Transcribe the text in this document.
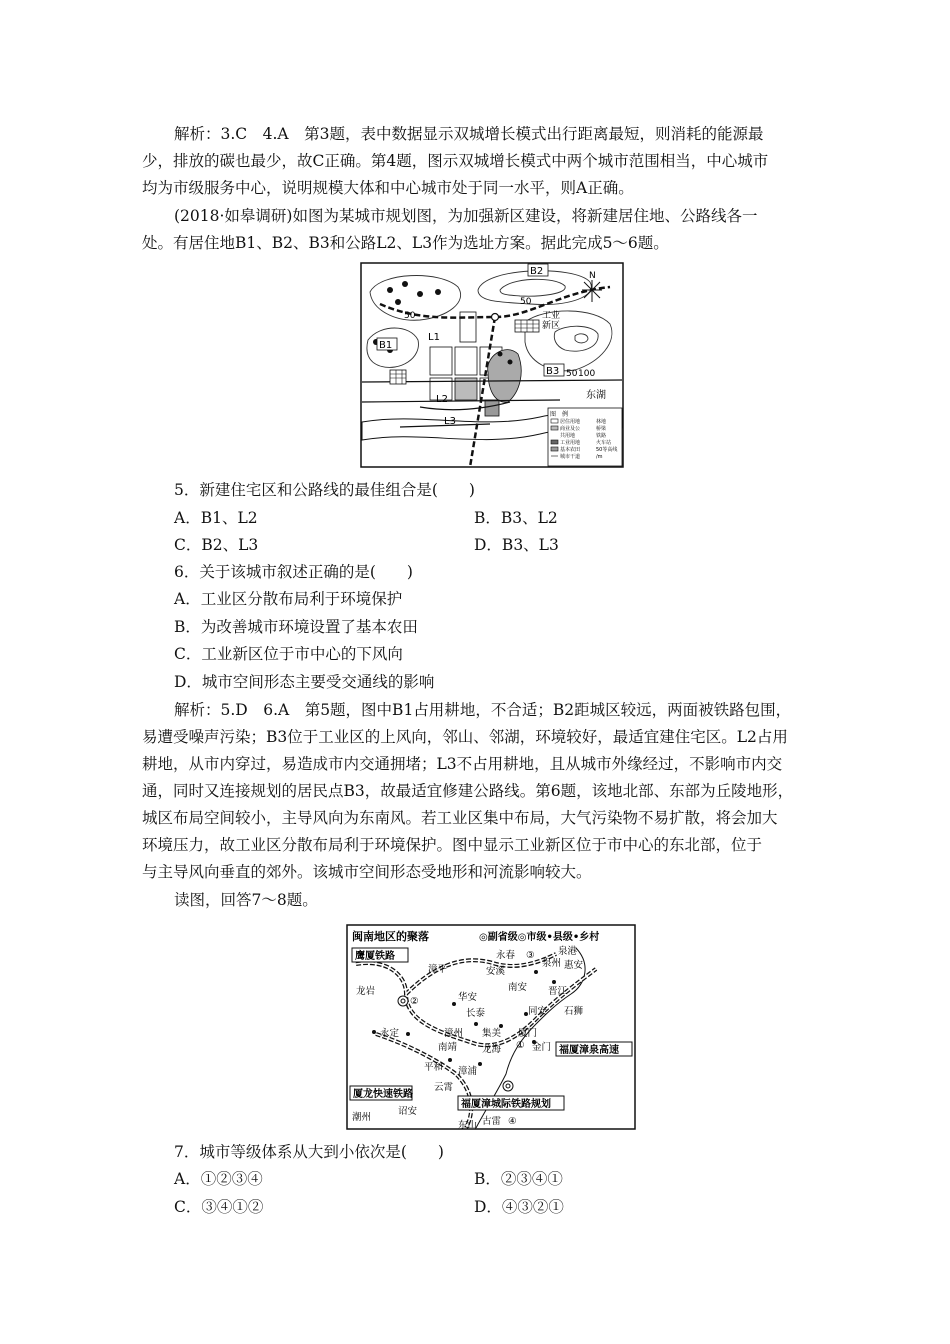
解析：3.C　4.A　第3题，表中数据显示双城增长模式出行距离最短，则消耗的能源最
少，排放的碳也最少，故C正确。第4题，图示双城增长模式中两个城市范围相当，中心城市
均为市级服务中心，说明规模大体和中心城市处于同一水平，则A正确。
(2018·如皋调研)如图为某城市规划图，为加强新区建设，将新建居住地、公路线各一
处。有居住地B1、B2、B3和公路L2、L3作为选址方案。据此完成5～6题。
N
B2
B1
B3
L1
L2
L3
50
50
50 100
工业
新区
东湖
图　例
居住用地
商业及公
共用地
工业用地
基本农田
城市干道
林地
桥梁
铁路
火车站
50等高线
/m
5．新建住宅区和公路线的最佳组合是(　　)
A．B1、L2	B．B3、L2
C．B2、L3	D．B3、L3
6．关于该城市叙述正确的是(　　)
A．工业区分散布局利于环境保护
B．为改善城市环境设置了基本农田
C．工业新区位于市中心的下风向
D．城市空间形态主要受交通线的影响
解析：5.D　6.A　第5题，图中B1占用耕地，不合适；B2距城区较远，两面被铁路包围，
易遭受噪声污染；B3位于工业区的上风向，邻山、邻湖，环境较好，最适宜建住宅区。L2占用
耕地，从市内穿过，易造成市内交通拥堵；L3不占用耕地，且从城市外缘经过，不影响市内交
通，同时又连接规划的居民点B3，故最适宜修建公路线。第6题，该地北部、东部为丘陵地形，
城区布局空间较小，主导风向为东南风。若工业区集中布局，大气污染物不易扩散，将会加大
环境压力，故工业区分散布局利于环境保护。图中显示工业新区位于市中心的东北部，位于
与主导风向垂直的郊外。该城市空间形态受地形和河流影响较大。
读图，回答7～8题。
闽南地区的聚落	◎副省级◎市级•县级•乡村
鹰厦铁路
厦龙快速铁路
福厦漳泉高速
福厦漳城际铁路规划
漳平
永春 ③ 泉港
惠安
泉州
安溪
龙岩
②	华安
南安 晋江
长泰	同安 石狮
永定	漳州 集美 厦门
① 金门
南靖	龙海
平和 漳浦
云霄
古雷 ④
潮州
诏安
东山
7．城市等级体系从大到小依次是(　　)
A．①②③④	B．②③④①
C．③④①②	D．④③②①
